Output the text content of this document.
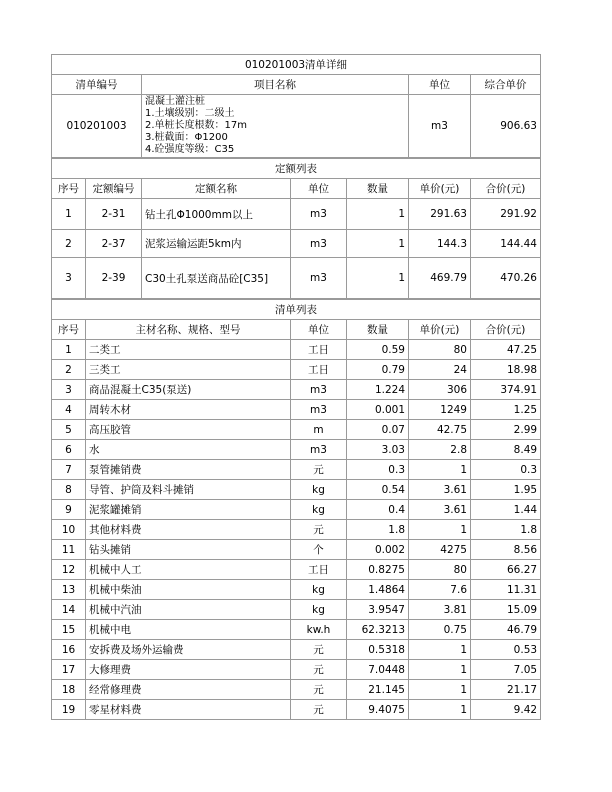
010201003清单详细			
清单编号	项目名称	单位	综合单价
010201003	混凝土灌注桩
1.土壤级别：二级土
2.单桩长度根数：17m
3.桩截面：Φ1200
4.砼强度等级：C35	m3	906.63
定额列表						
序号	定额编号	定额名称	单位	数量	单价(元)	合价(元)
1	2-31	钻土孔Φ1000mm以上	m3	1	291.63	291.92
2	2-37	泥浆运输运距5km内	m3	1	144.3	144.44
3	2-39	C30土孔泵送商品砼[C35]	m3	1	469.79	470.26
清单列表					
序号	主材名称、规格、型号	单位	数量	单价(元)	合价(元)
1	二类工	工日	0.59	80	47.25
2	三类工	工日	0.79	24	18.98
3	商品混凝土C35(泵送)	m3	1.224	306	374.91
4	周转木材	m3	0.001	1249	1.25
5	高压胶管	m	0.07	42.75	2.99
6	水	m3	3.03	2.8	8.49
7	泵管摊销费	元	0.3	1	0.3
8	导管、护筒及料斗摊销	kg	0.54	3.61	1.95
9	泥浆罐摊销	kg	0.4	3.61	1.44
10	其他材料费	元	1.8	1	1.8
11	钻头摊销	个	0.002	4275	8.56
12	机械中人工	工日	0.8275	80	66.27
13	机械中柴油	kg	1.4864	7.6	11.31
14	机械中汽油	kg	3.9547	3.81	15.09
15	机械中电	kw.h	62.3213	0.75	46.79
16	安拆费及场外运输费	元	0.5318	1	0.53
17	大修理费	元	7.0448	1	7.05
18	经常修理费	元	21.145	1	21.17
19	零星材料费	元	9.4075	1	9.42
